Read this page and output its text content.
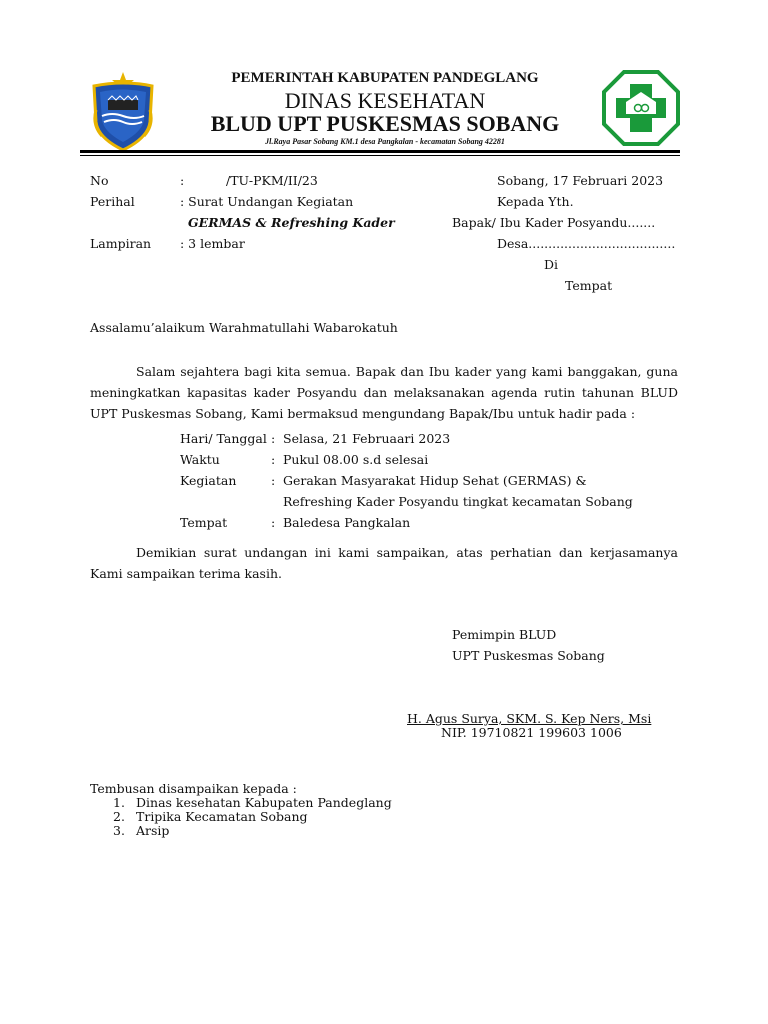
PEMERINTAH KABUPATEN PANDEGLANG
DINAS KESEHATAN
BLUD UPT PUSKESMAS SOBANG
Jl.Raya Pasar Sobang KM.1 desa Pangkalan - kecamatan Sobang 42281
No	:	/TU-PKM/II/23
Perihal	: Surat Undangan Kegiatan
GERMAS & Refreshing Kader
Lampiran : 3 lembar
Sobang, 17 Februari 2023
Kepada Yth.
Bapak/ Ibu Kader Posyandu.......
Desa.....................................
Di
Tempat
Assalamu’alaikum Warahmatullahi Wabarokatuh
Salam sejahtera bagi kita semua. Bapak dan Ibu kader yang kami banggakan, guna meningkatkan kapasitas kader Posyandu dan melaksanakan agenda rutin tahunan BLUD UPT Puskesmas Sobang, Kami bermaksud mengundang Bapak/Ibu untuk hadir pada :
Hari/ Tanggal : Selasa, 21 Februaari 2023
Waktu	: Pukul 08.00 s.d selesai
Kegiatan	: Gerakan Masyarakat Hidup Sehat (GERMAS) &
Refreshing Kader Posyandu tingkat kecamatan Sobang
Tempat	: Baledesa Pangkalan
Demikian surat undangan ini kami sampaikan, atas perhatian dan kerjasamanya Kami sampaikan terima kasih.
Pemimpin BLUD
UPT Puskesmas Sobang
H. Agus Surya, SKM. S. Kep Ners, Msi
NIP. 19710821 199603 1006
Tembusan disampaikan kepada :
1. Dinas kesehatan Kabupaten Pandeglang
2. Tripika Kecamatan Sobang
3. Arsip
